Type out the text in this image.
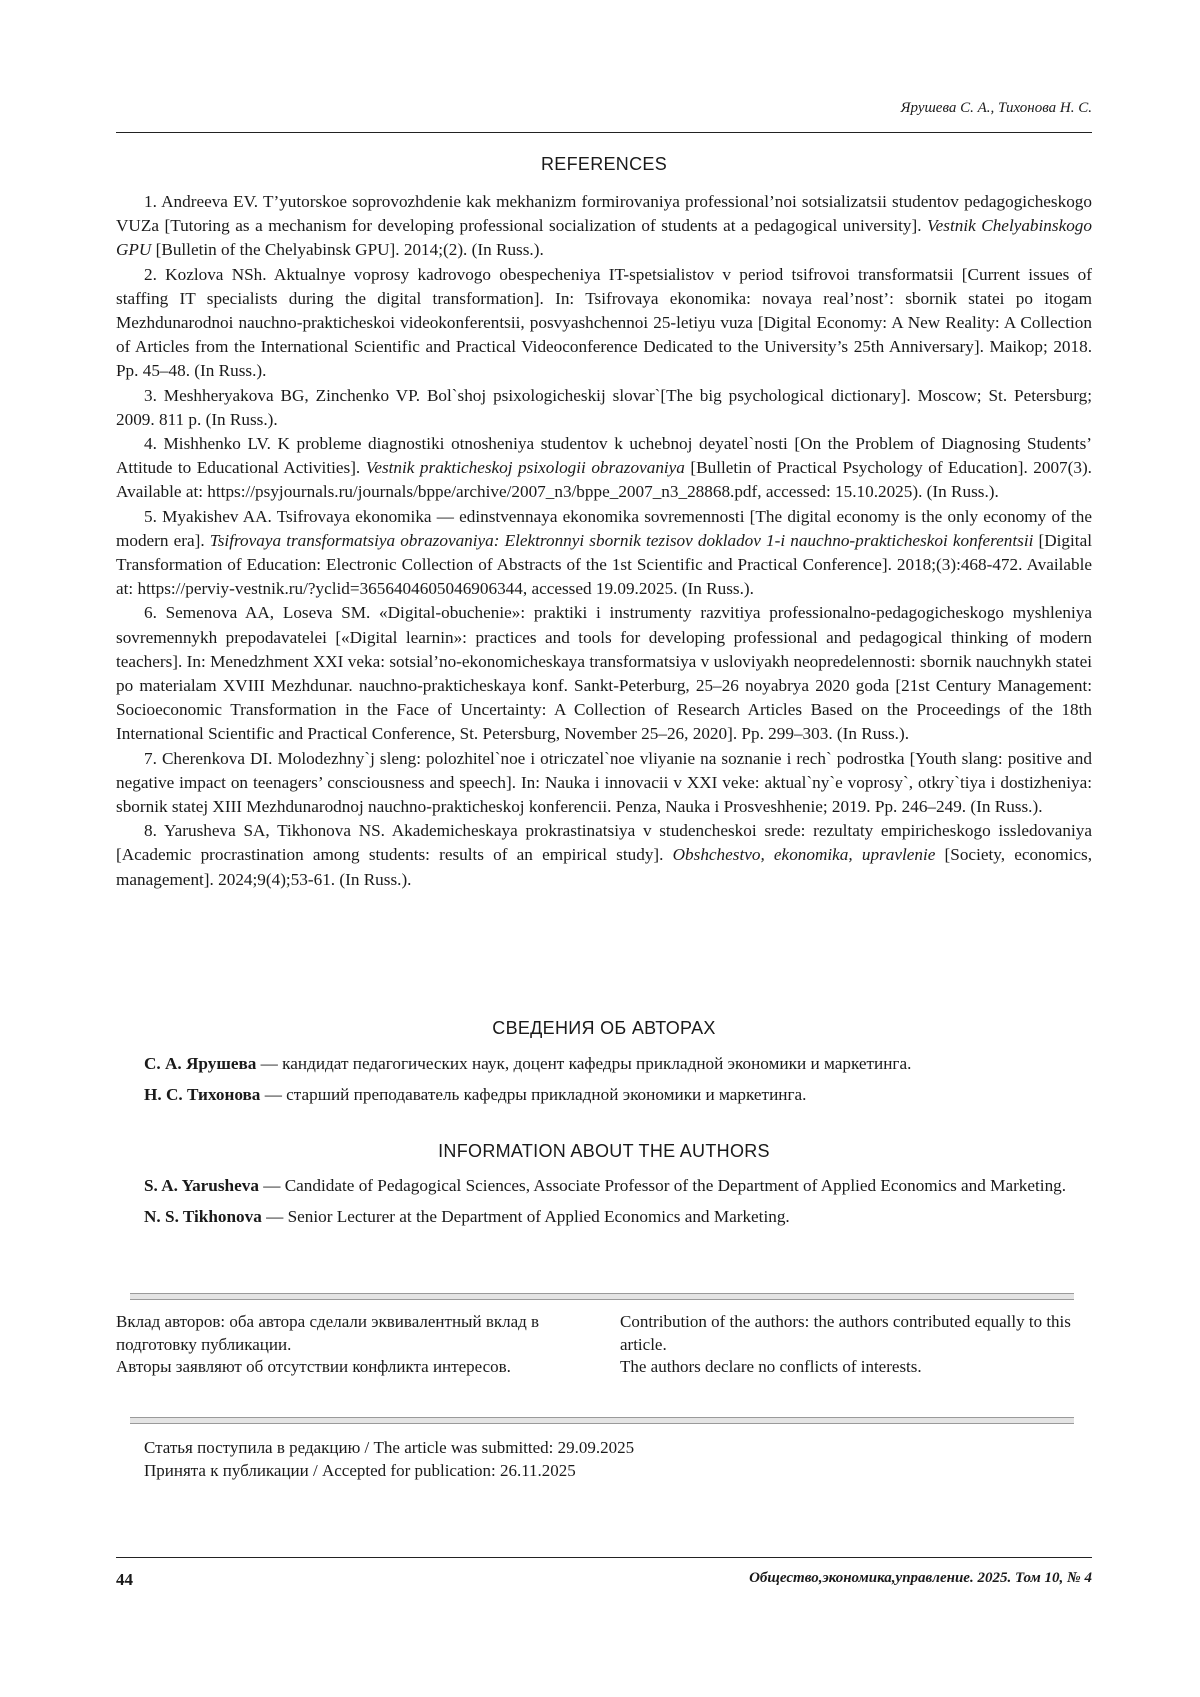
Ярушева С. А., Тихонова Н. С.
REFERENCES

1. Andreeva EV. T’yutorskoe soprovozhdenie kak mekhanizm formirovaniya professional’noi sotsializatsii studentov pedagogicheskogo VUZa [Tutoring as a mechanism for developing professional socialization of students at a pedagogical university]. Vestnik Chelyabinskogo GPU [Bulletin of the Chelyabinsk GPU]. 2014;(2). (In Russ.).

2. Kozlova NSh. Aktualnye voprosy kadrovogo obespecheniya IT-spetsialistov v period tsifrovoi transformatsii [Current issues of staffing IT specialists during the digital transformation]. In: Tsifrovaya ekonomika: novaya real’nost’: sbornik statei po itogam Mezhdunarodnoi nauchno-prakticheskoi videokonferentsii, posvyashchennoi 25-letiyu vuza [Digital Economy: A New Reality: A Collection of Articles from the International Scientific and Practical Videoconference Dedicated to the University’s 25th Anniversary]. Maikop; 2018. Pp. 45–48. (In Russ.).

3. Meshheryakova BG, Zinchenko VP. Bol`shoj psixologicheskij slovar`[The big psychological dictionary]. Moscow; St. Petersburg; 2009. 811 p. (In Russ.).

4. Mishhenko LV. K probleme diagnostiki otnosheniya studentov k uchebnoj deyatel`nosti [On the Problem of Diagnosing Students’ Attitude to Educational Activities]. Vestnik prakticheskoj psixologii obrazovaniya [Bulletin of Practical Psychology of Education]. 2007(3). Available at: https://psyjournals.ru/journals/bppe/archive/2007_n3/bppe_2007_n3_28868.pdf, accessed: 15.10.2025). (In Russ.).

5. Myakishev AA. Tsifrovaya ekonomika — edinstvennaya ekonomika sovremennosti [The digital economy is the only economy of the modern era]. Tsifrovaya transformatsiya obrazovaniya: Elektronnyi sbornik tezisov dokladov 1-i nauchno-prakticheskoi konferentsii [Digital Transformation of Education: Electronic Collection of Abstracts of the 1st Scientific and Practical Conference]. 2018;(3):468-472. Available at: https://perviy-vestnik.ru/?yclid=3656404605046906344, accessed 19.09.2025. (In Russ.).

6. Semenova AA, Loseva SM. «Digital-obuchenie»: praktiki i instrumenty razvitiya professionalno-pedagogicheskogo myshleniya sovremennykh prepodavatelei [«Digital learnin»: practices and tools for developing professional and pedagogical thinking of modern teachers]. In: Menedzhment XXI veka: sotsial’no-ekonomicheskaya transformatsiya v usloviyakh neopredelennosti: sbornik nauchnykh statei po materialam XVIII Mezhdunar. nauchno-prakticheskaya konf. Sankt-Peterburg, 25–26 noyabrya 2020 goda [21st Century Management: Socioeconomic Transformation in the Face of Uncertainty: A Collection of Research Articles Based on the Proceedings of the 18th International Scientific and Practical Conference, St. Petersburg, November 25–26, 2020]. Pp. 299–303. (In Russ.).

7. Cherenkova DI. Molodezhny`j sleng: polozhitel`noe i otriczatel`noe vliyanie na soznanie i rech` podrostka [Youth slang: positive and negative impact on teenagers’ consciousness and speech]. In: Nauka i innovacii v XXI veke: aktual`ny`e voprosy`, otkry`tiya i dostizheniya: sbornik statej XIII Mezhdunarodnoj nauchno-prakticheskoj konferencii. Penza, Nauka i Prosveshhenie; 2019. Pp. 246–249. (In Russ.).

8. Yarusheva SA, Tikhonova NS. Akademicheskaya prokrastinatsiya v studencheskoi srede: rezultaty empiricheskogo issledovaniya [Academic procrastination among students: results of an empirical study]. Obshchestvo, ekonomika, upravlenie [Society, economics, management]. 2024;9(4);53-61. (In Russ.).

СВЕДЕНИЯ ОБ АВТОРАХ

С. А. Ярушева — кандидат педагогических наук, доцент кафедры прикладной экономики и маркетинга.

Н. С. Тихонова — старший преподаватель кафедры прикладной экономики и маркетинга.

INFORMATION ABOUT THE AUTHORS

S. A. Yarusheva — Candidate of Pedagogical Sciences, Associate Professor of the Department of Applied Economics and Marketing.

N. S. Tikhonova — Senior Lecturer at the Department of Applied Economics and Marketing.

Вклад авторов: оба автора сделали эквивалентный вклад в подготовку публикации.
Авторы заявляют об отсутствии конфликта интересов.
Contribution of the authors: the authors contributed equally to this article.
The authors declare no conflicts of interests.
Статья поступила в редакцию / The article was submitted: 29.09.2025
Принята к публикации / Accepted for publication: 26.11.2025
44	Общество,экономика,управление. 2025. Том 10, № 4
